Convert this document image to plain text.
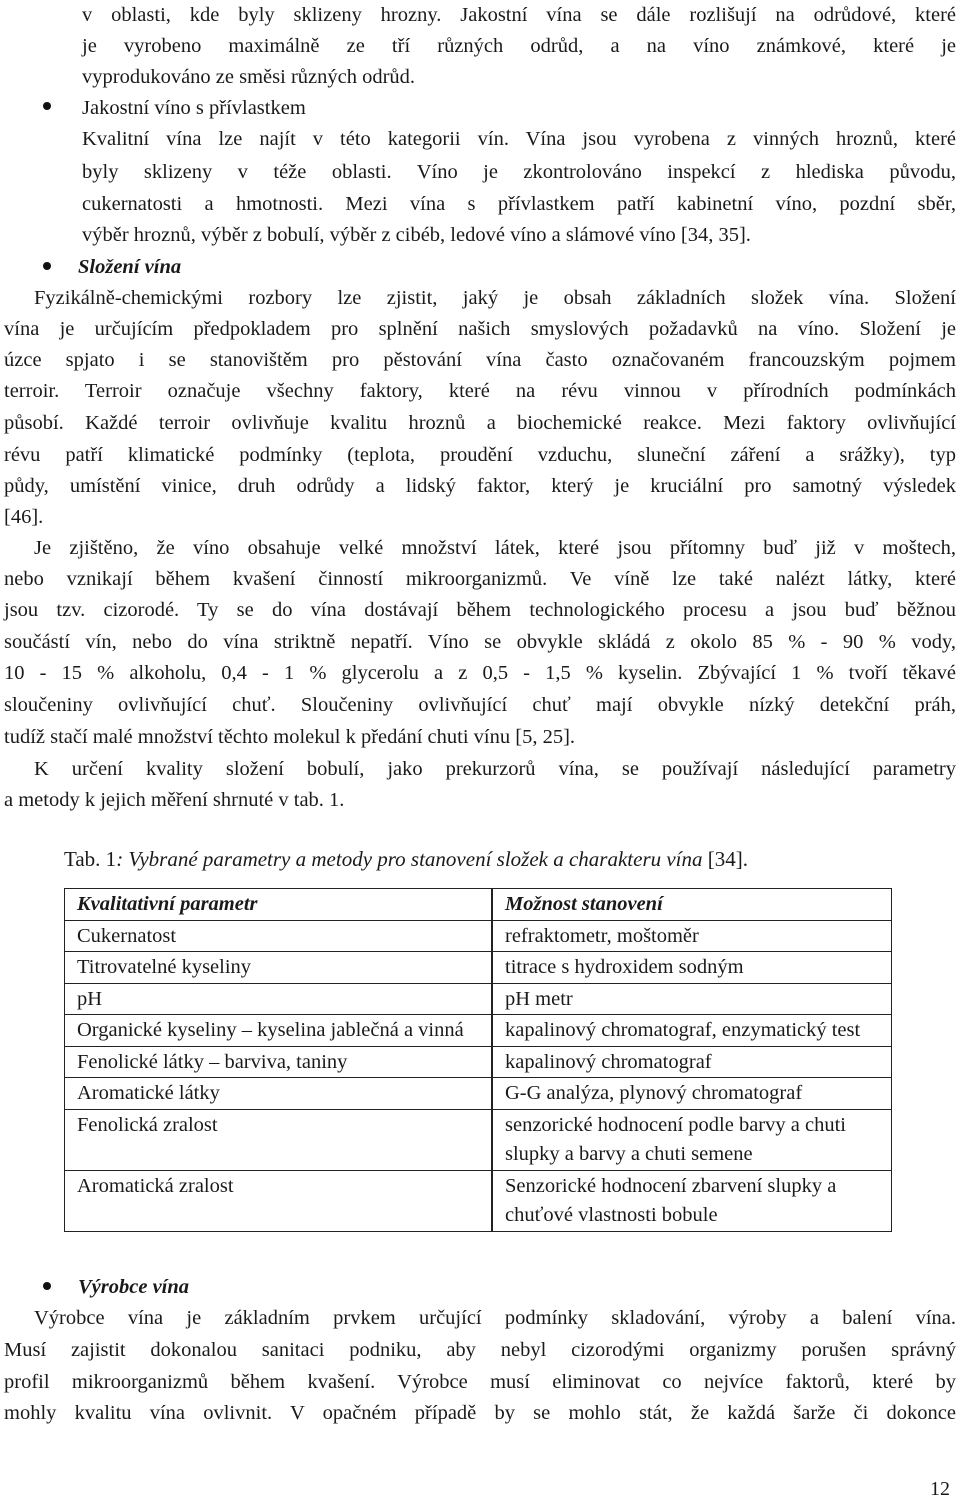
v oblasti, kde byly sklizeny hrozny. Jakostní vína se dále rozlišují na odrůdové, které
je vyrobeno maximálně ze tří různých odrůd, a na víno známkové, které je
vyprodukováno ze směsi různých odrůd.
Jakostní víno s přívlastkem
Kvalitní vína lze najít v této kategorii vín. Vína jsou vyrobena z vinných hroznů, které
byly sklizeny v téže oblasti. Víno je zkontrolováno inspekcí z hlediska původu,
cukernatosti a hmotnosti. Mezi vína s přívlastkem patří kabinetní víno, pozdní sběr,
výběr hroznů, výběr z bobulí, výběr z cibéb, ledové víno a slámové víno [34, 35].
Složení vína
Fyzikálně-chemickými rozbory lze zjistit, jaký je obsah základních složek vína. Složení
vína je určujícím předpokladem pro splnění našich smyslových požadavků na víno. Složení je
úzce spjato i se stanovištěm pro pěstování vína často označovaném francouzským pojmem
terroir. Terroir označuje všechny faktory, které na révu vinnou v přírodních podmínkách
působí. Každé terroir ovlivňuje kvalitu hroznů a biochemické reakce. Mezi faktory ovlivňující
révu patří klimatické podmínky (teplota, proudění vzduchu, sluneční záření a srážky), typ
půdy, umístění vinice, druh odrůdy a lidský faktor, který je kruciální pro samotný výsledek
[46].
Je zjištěno, že víno obsahuje velké množství látek, které jsou přítomny buď již v moštech,
nebo vznikají během kvašení činností mikroorganizmů. Ve víně lze také nalézt látky, které
jsou tzv. cizorodé. Ty se do vína dostávají během technologického procesu a jsou buď běžnou
součástí vín, nebo do vína striktně nepatří. Víno se obvykle skládá z okolo 85 % - 90 % vody,
10 - 15 % alkoholu, 0,4 - 1 % glycerolu a z 0,5 - 1,5 % kyselin. Zbývající 1 % tvoří těkavé
sloučeniny ovlivňující chuť. Sloučeniny ovlivňující chuť mají obvykle nízký detekční práh,
tudíž stačí malé množství těchto molekul k předání chuti vínu [5, 25].
K určení kvality složení bobulí, jako prekurzorů vína, se používají následující parametry
a metody k jejich měření shrnuté v tab. 1.
Tab. 1: Vybrané parametry a metody pro stanovení složek a charakteru vína [34].
Kvalitativní parametr		Možnost stanovení
Cukernatost		refraktometr, moštoměr
Titrovatelné kyseliny		titrace s hydroxidem sodným
pH		pH metr
Organické kyseliny – kyselina jablečná a vinná		kapalinový chromatograf, enzymatický test
Fenolické látky – barviva, taniny		kapalinový chromatograf
Aromatické látky		G-G analýza, plynový chromatograf
Fenolická zralost		senzorické hodnocení podle barvy a chuti slupky a barvy a chuti semene
Aromatická zralost		Senzorické hodnocení zbarvení slupky a chuťové vlastnosti bobule
Výrobce vína
Výrobce vína je základním prvkem určující podmínky skladování, výroby a balení vína.
Musí zajistit dokonalou sanitaci podniku, aby nebyl cizorodými organizmy porušen správný
profil mikroorganizmů během kvašení. Výrobce musí eliminovat co nejvíce faktorů, které by
mohly kvalitu vína ovlivnit. V opačném případě by se mohlo stát, že každá šarže či dokonce
12
